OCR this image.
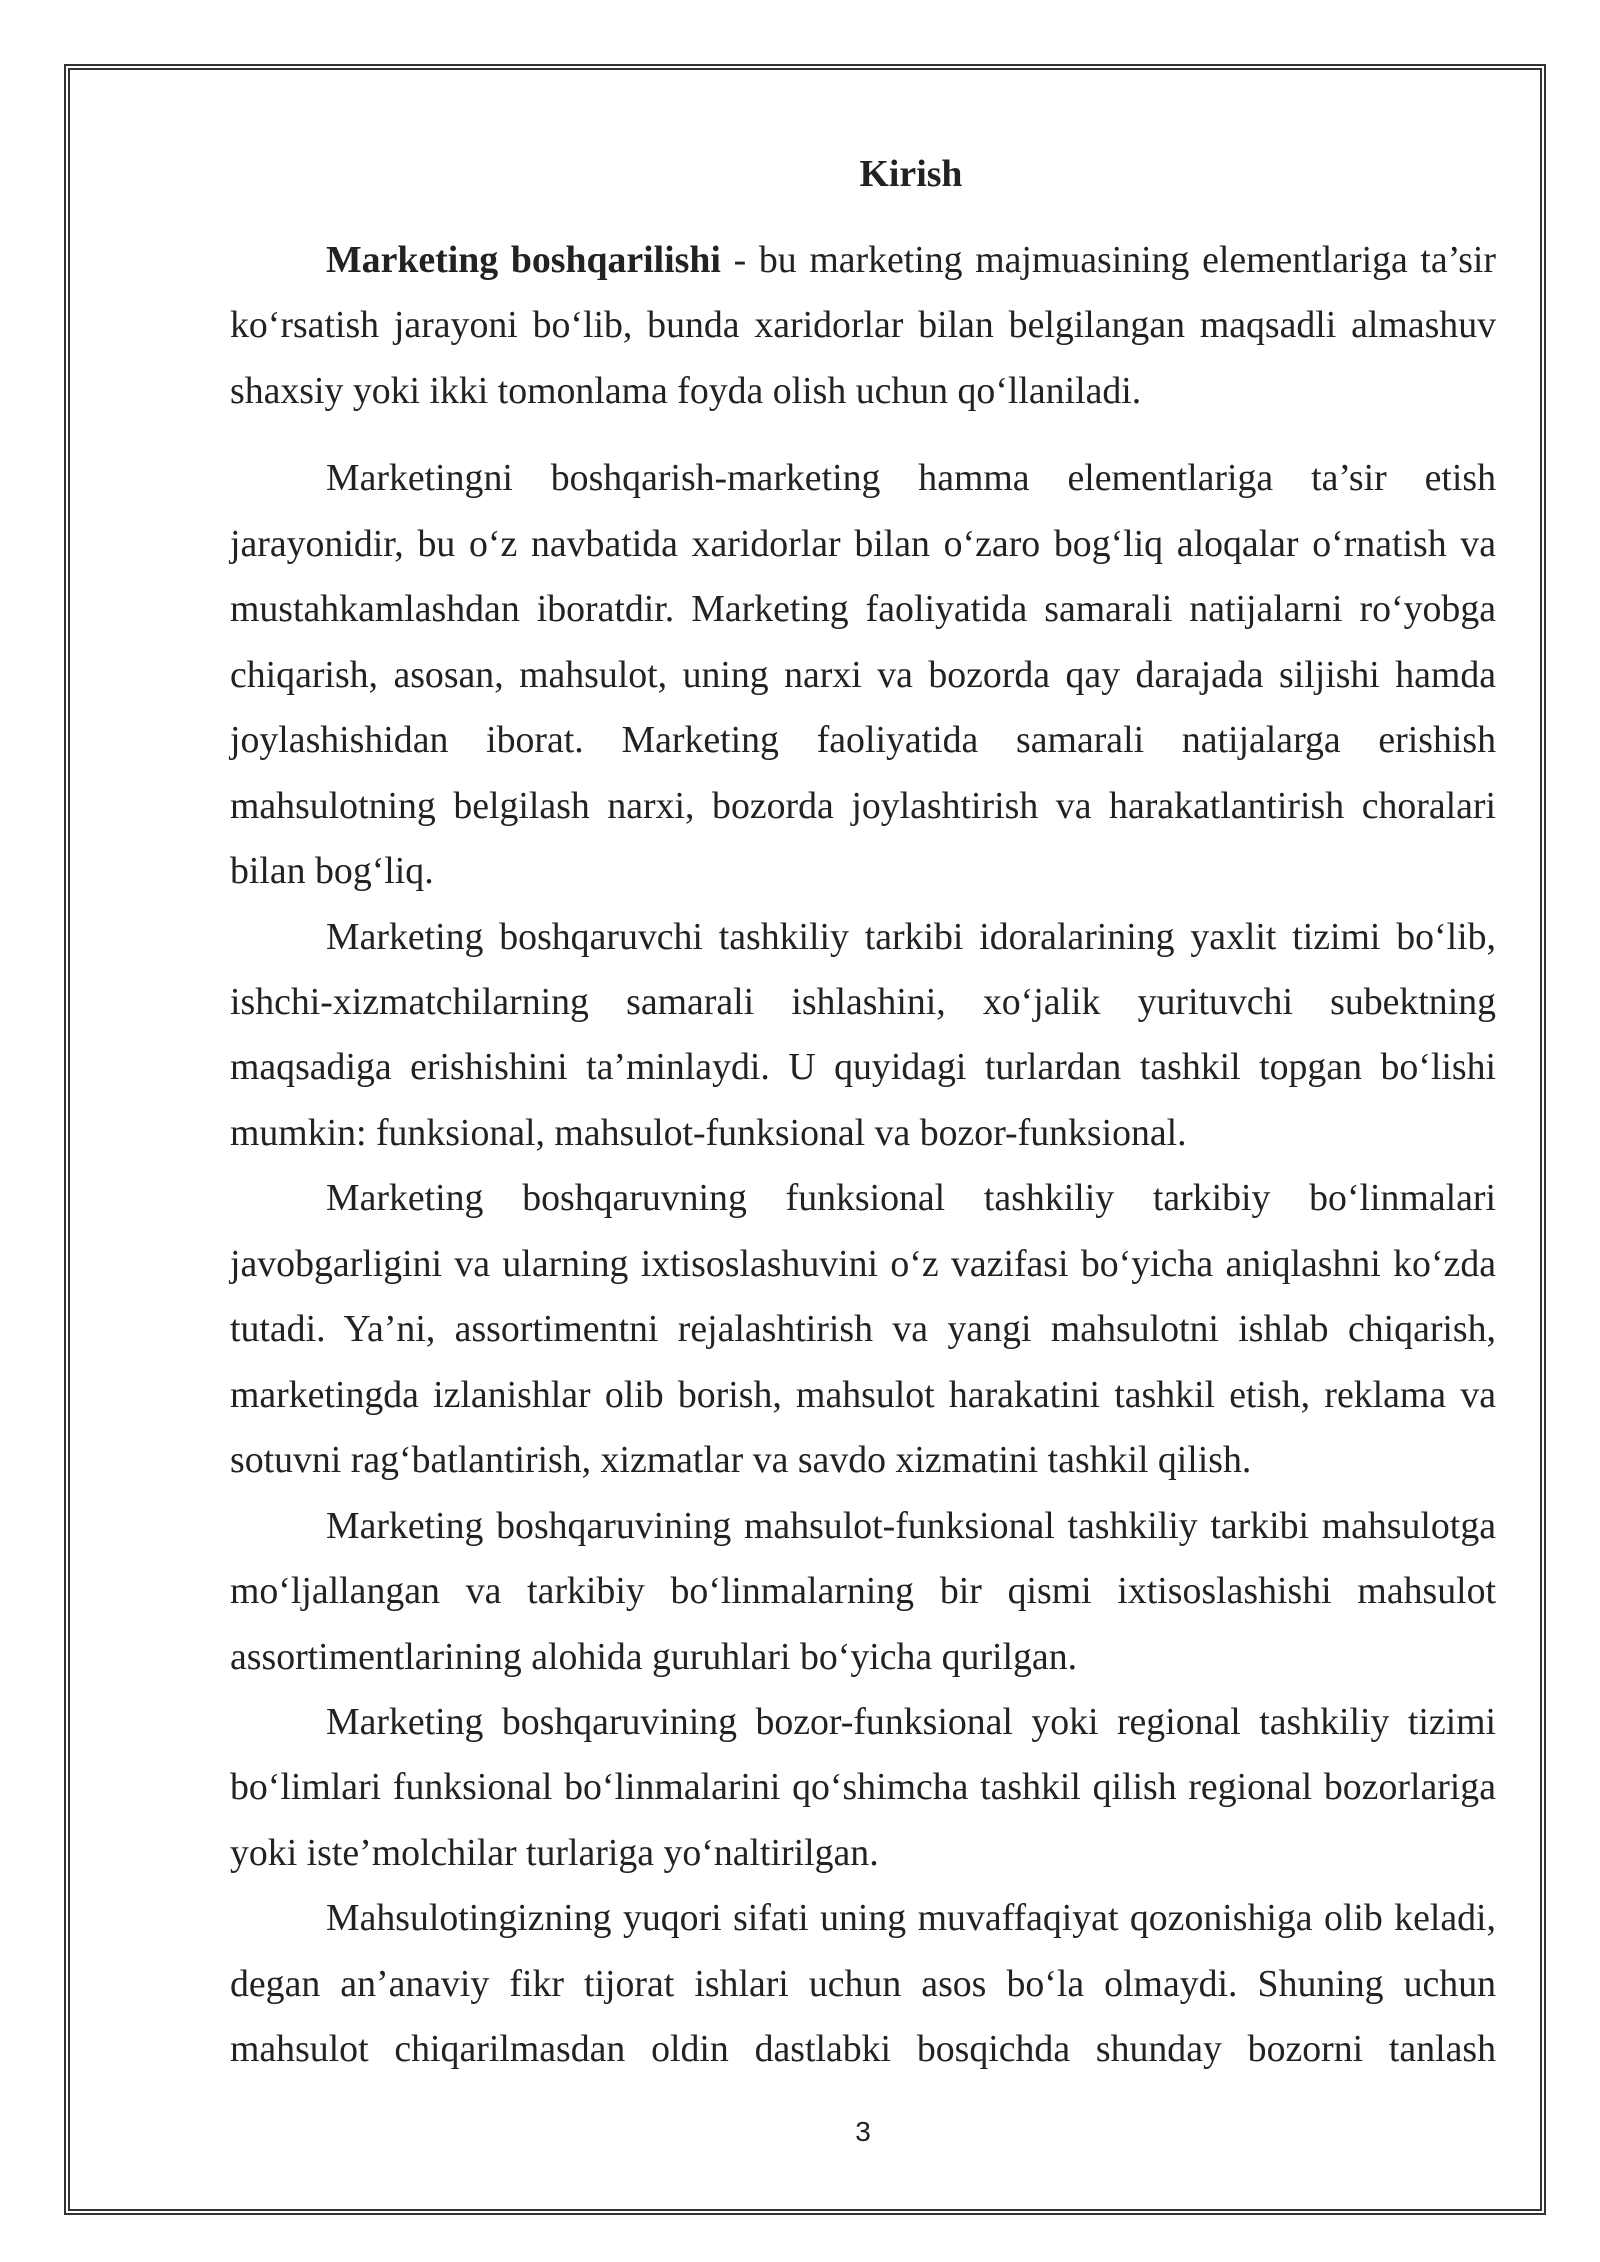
Kirish
Marketing boshqarilishi - bu marketing majmuasining elementlariga ta’sir
ko‘rsatish jarayoni bo‘lib, bunda xaridorlar bilan belgilangan maqsadli almashuv
shaxsiy yoki ikki tomonlama foyda olish uchun qo‘llaniladi.
Marketingni boshqarish-marketing hamma elementlariga ta’sir etish
jarayonidir, bu o‘z navbatida xaridorlar bilan o‘zaro bog‘liq aloqalar o‘rnatish va
mustahkamlashdan iboratdir. Marketing faoliyatida samarali natijalarni ro‘yobga
chiqarish, asosan, mahsulot, uning narxi va bozorda qay darajada siljishi hamda
joylashishidan iborat. Marketing faoliyatida samarali natijalarga erishish
mahsulotning belgilash narxi, bozorda joylashtirish va harakatlantirish choralari
bilan bog‘liq.
Marketing boshqaruvchi tashkiliy tarkibi idoralarining yaxlit tizimi bo‘lib,
ishchi-xizmatchilarning samarali ishlashini, xo‘jalik yurituvchi subektning
maqsadiga erishishini ta’minlaydi. U quyidagi turlardan tashkil topgan bo‘lishi
mumkin: funksional, mahsulot-funksional va bozor-funksional.
Marketing boshqaruvning funksional tashkiliy tarkibiy bo‘linmalari
javobgarligini va ularning ixtisoslashuvini o‘z vazifasi bo‘yicha aniqlashni ko‘zda
tutadi. Ya’ni, assortimentni rejalashtirish va yangi mahsulotni ishlab chiqarish,
marketingda izlanishlar olib borish, mahsulot harakatini tashkil etish, reklama va
sotuvni rag‘batlantirish, xizmatlar va savdo xizmatini tashkil qilish.
Marketing boshqaruvining mahsulot-funksional tashkiliy tarkibi mahsulotga
mo‘ljallangan va tarkibiy bo‘linmalarning bir qismi ixtisoslashishi mahsulot
assortimentlarining alohida guruhlari bo‘yicha qurilgan.
Marketing boshqaruvining bozor-funksional yoki regional tashkiliy tizimi
bo‘limlari funksional bo‘linmalarini qo‘shimcha tashkil qilish regional bozorlariga
yoki iste’molchilar turlariga yo‘naltirilgan.
Mahsulotingizning yuqori sifati uning muvaffaqiyat qozonishiga olib keladi,
degan an’anaviy fikr tijorat ishlari uchun asos bo‘la olmaydi. Shuning uchun
mahsulot chiqarilmasdan oldin dastlabki bosqichda shunday bozorni tanlash
3
